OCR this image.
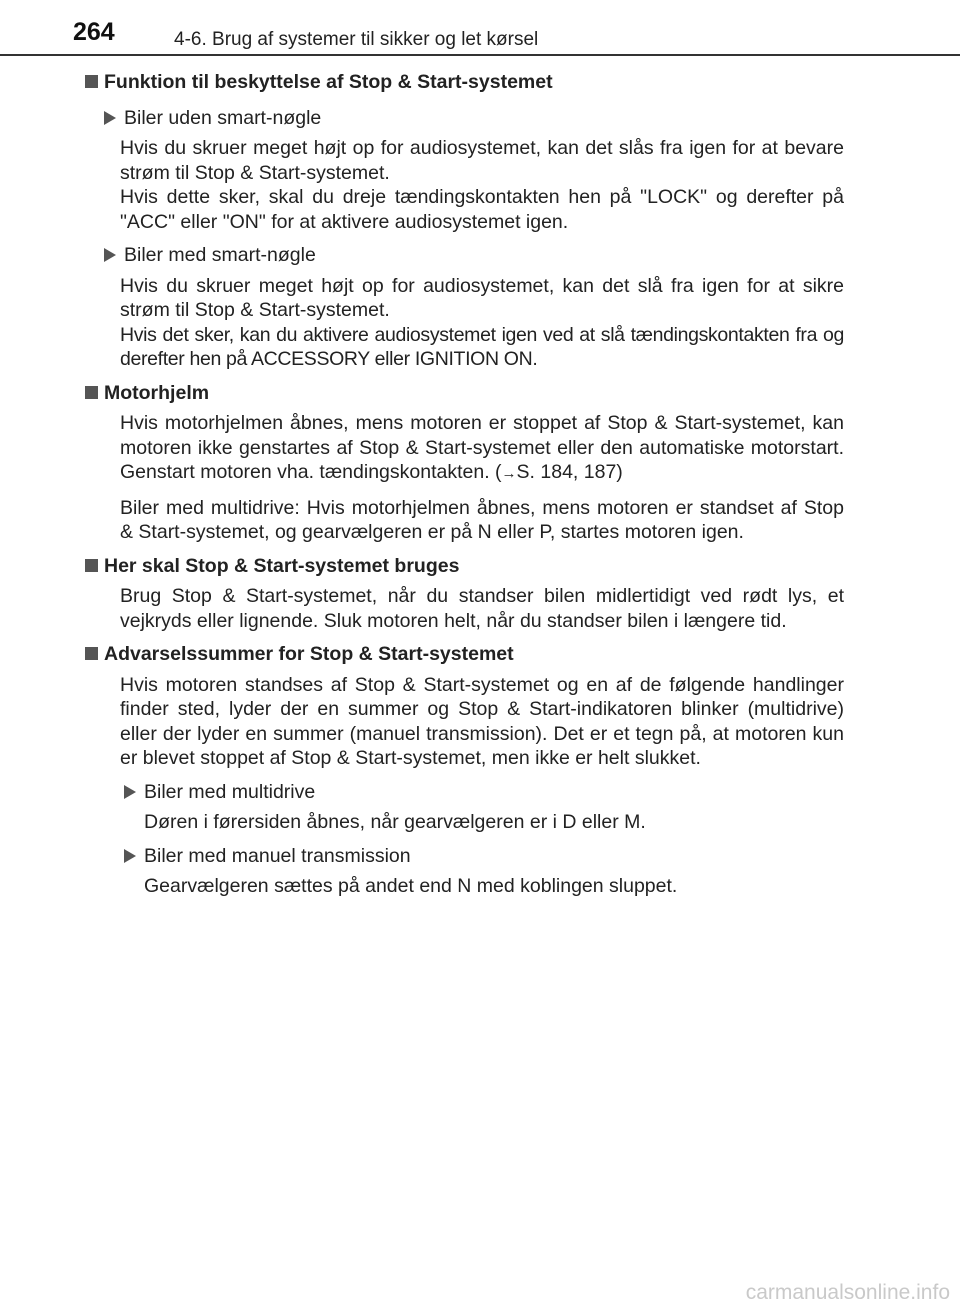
264	4-6. Brug af systemer til sikker og let kørsel
Funktion til beskyttelse af Stop & Start-systemet
Biler uden smart-nøgle

Hvis du skruer meget højt op for audiosystemet, kan det slås fra igen for at bevare strøm til Stop & Start-systemet.

Hvis dette sker, skal du dreje tændingskontakten hen på "LOCK" og derefter på "ACC" eller "ON" for at aktivere audiosystemet igen.

Biler med smart-nøgle

Hvis du skruer meget højt op for audiosystemet, kan det slå fra igen for at sikre strøm til Stop & Start-systemet.

Hvis det sker, kan du aktivere audiosystemet igen ved at slå tændingskontakten fra og derefter hen på ACCESSORY eller IGNITION ON.

Motorhjelm

Hvis motorhjelmen åbnes, mens motoren er stoppet af Stop & Start-systemet, kan motoren ikke genstartes af Stop & Start-systemet eller den automatiske motorstart. Genstart motoren vha. tændingskontakten. (→S. 184, 187)

Biler med multidrive: Hvis motorhjelmen åbnes, mens motoren er standset af Stop & Start-systemet, og gearvælgeren er på N eller P, startes motoren igen.

Her skal Stop & Start-systemet bruges

Brug Stop & Start-systemet, når du standser bilen midlertidigt ved rødt lys, et vejkryds eller lignende. Sluk motoren helt, når du standser bilen i længere tid.

Advarselssummer for Stop & Start-systemet

Hvis motoren standses af Stop & Start-systemet og en af de følgende handlinger finder sted, lyder der en summer og Stop & Start-indikatoren blinker (multidrive) eller der lyder en summer (manuel transmission). Det er et tegn på, at motoren kun er blevet stoppet af Stop & Start-systemet, men ikke er helt slukket.

Biler med multidrive

Døren i førersiden åbnes, når gearvælgeren er i D eller M.

Biler med manuel transmission

Gearvælgeren sættes på andet end N med koblingen sluppet.

carmanualsonline.info
